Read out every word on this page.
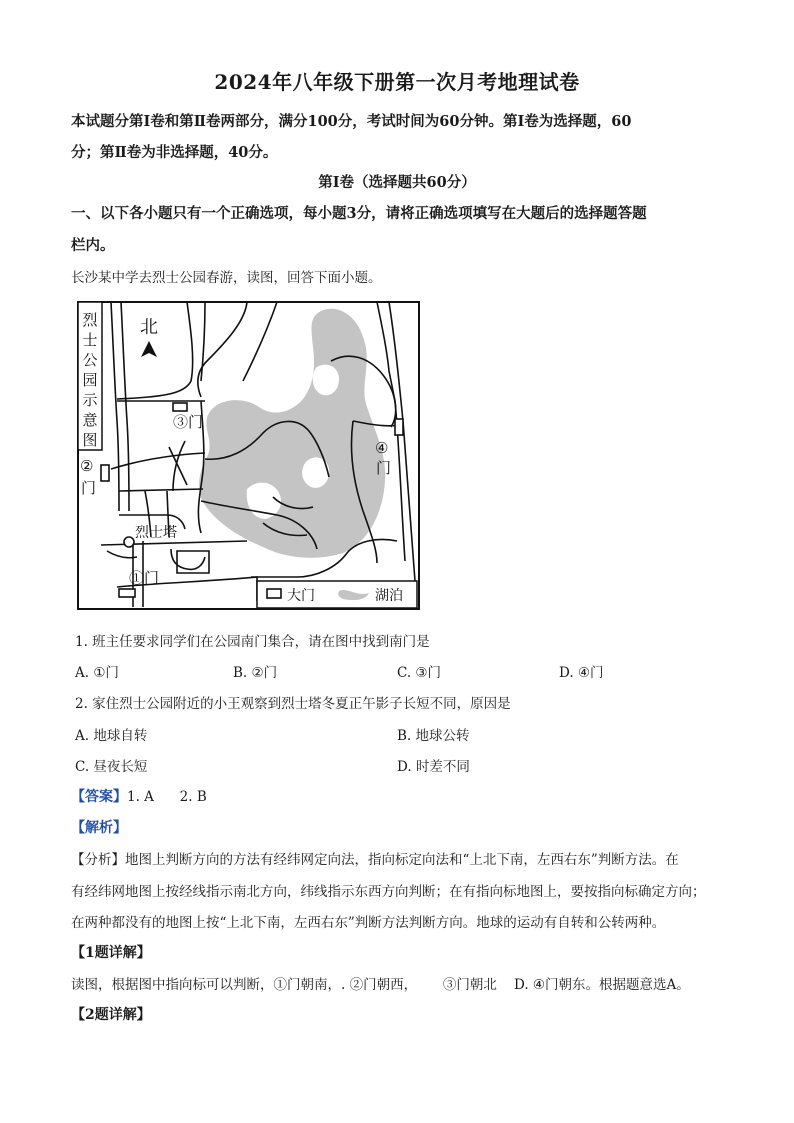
2024年八年级下册第一次月考地理试卷
本试题分第Ⅰ卷和第Ⅱ卷两部分，满分100分，考试时间为60分钟。第Ⅰ卷为选择题，60
分；第Ⅱ卷为非选择题，40分。
第Ⅰ卷（选择题共60分）
一、以下各小题只有一个正确选项，每小题3分，请将正确选项填写在大题后的选择题答题
栏内。
长沙某中学去烈士公园春游，读图，回答下面小题。
烈
士
公
园
示
意
图
北
③门
④
门
②
门
烈士塔
①门
大门	湖泊
1. 班主任要求同学们在公园南门集合，请在图中找到南门是
A. ①门	B. ②门	C. ③门	D. ④门
2. 家住烈士公园附近的小王观察到烈士塔冬夏正午影子长短不同，原因是
A. 地球自转	B. 地球公转
C. 昼夜长短	D. 时差不同
【答案】1. A      2. B
【解析】
【分析】地图上判断方向的方法有经纬网定向法，指向标定向法和“上北下南，左西右东”判断方法。在
有经纬网地图上按经线指示南北方向，纬线指示东西方向判断；在有指向标地图上，要按指向标确定方向；
在两种都没有的地图上按“上北下南，左西右东”判断方法判断方向。地球的运动有自转和公转两种。
【1题详解】
读图，根据图中指向标可以判断，①门朝南，. ②门朝西，      ③门朝北    D. ④门朝东。根据题意选A。
【2题详解】
